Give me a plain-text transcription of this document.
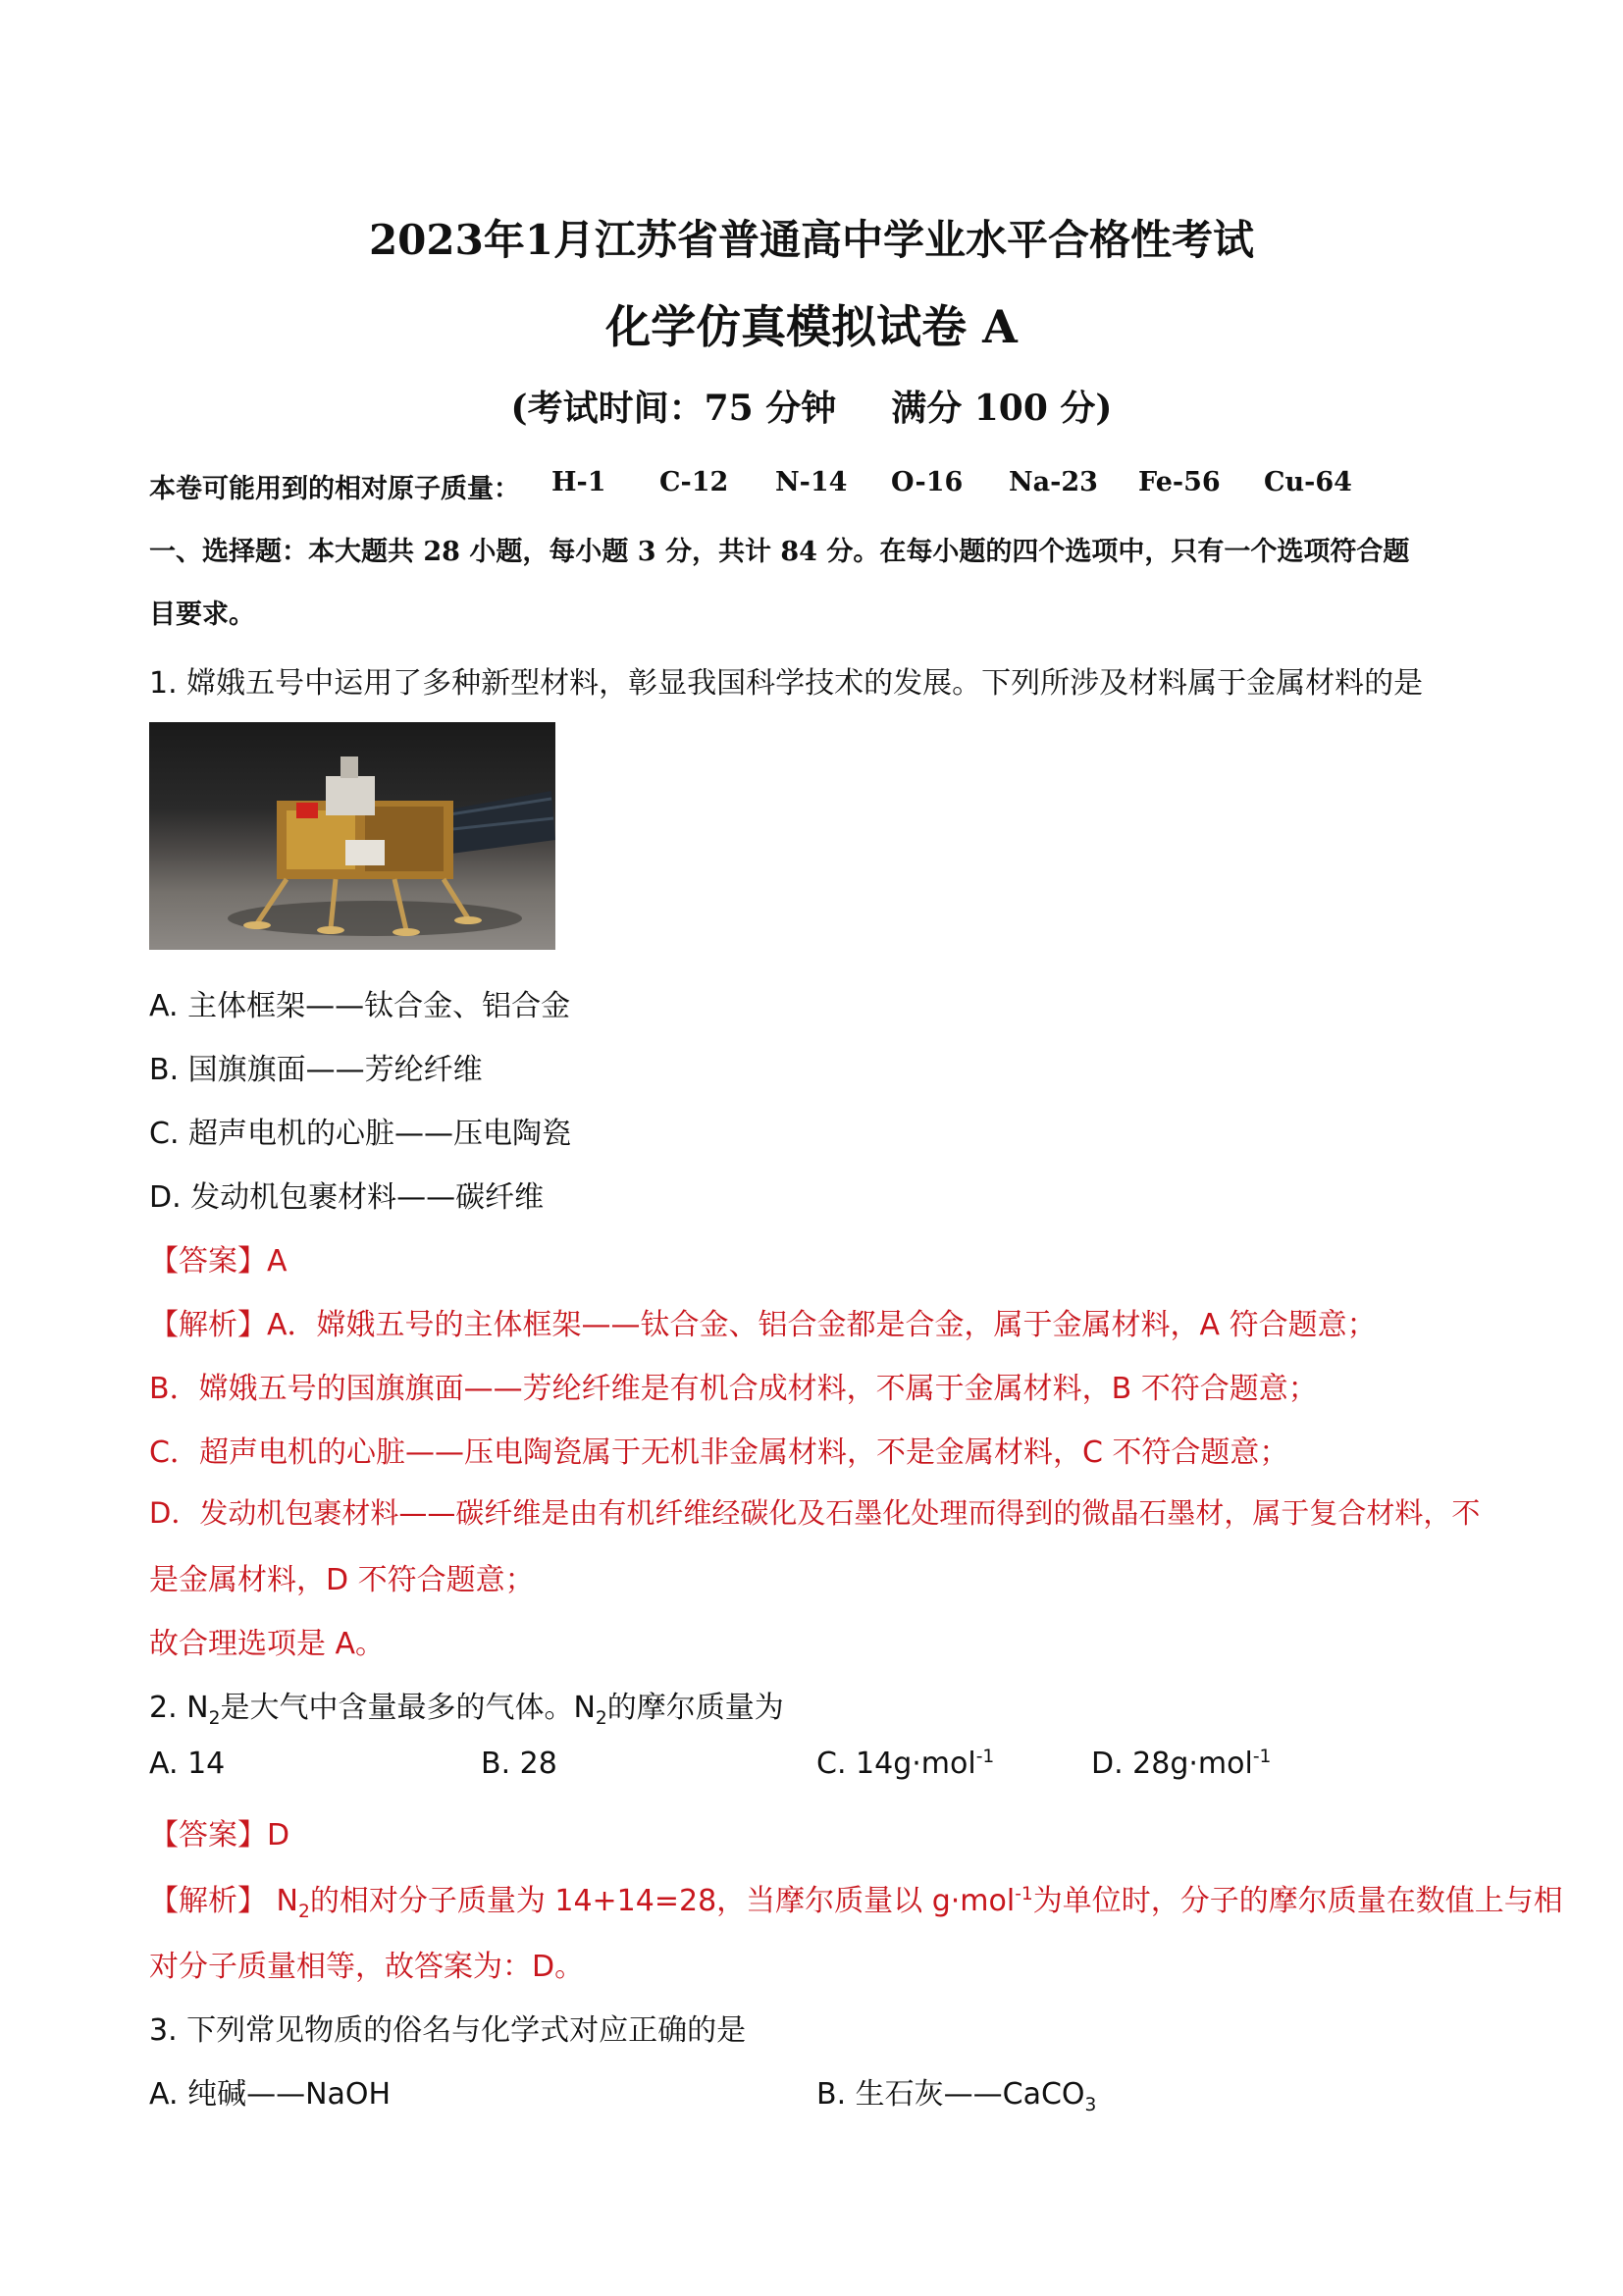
2023年1月江苏省普通高中学业水平合格性考试
化学仿真模拟试卷 A
(考试时间：75 分钟 满分 100 分)
本卷可能用到的相对原子质量： H-1 C-12 N-14 O-16 Na-23 Fe-56 Cu-64
一、选择题：本大题共 28 小题，每小题 3 分，共计 84 分。在每小题的四个选项中，只有一个选项符合题
目要求。
1. 嫦娥五号中运用了多种新型材料，彰显我国科学技术的发展。下列所涉及材料属于金属材料的是
A. 主体框架——钛合金、铝合金
B. 国旗旗面——芳纶纤维
C. 超声电机的心脏——压电陶瓷
D. 发动机包裹材料——碳纤维
【答案】A
【解析】A．嫦娥五号的主体框架——钛合金、铝合金都是合金，属于金属材料，A 符合题意；
B．嫦娥五号的国旗旗面——芳纶纤维是有机合成材料，不属于金属材料，B 不符合题意；
C．超声电机的心脏——压电陶瓷属于无机非金属材料，不是金属材料，C 不符合题意；
D．发动机包裹材料——碳纤维是由有机纤维经碳化及石墨化处理而得到的微晶石墨材，属于复合材料，不
是金属材料，D 不符合题意；
故合理选项是 A。
2. $N_2$是大气中含量最多的气体。$N_2$的摩尔质量为
A. 14	B. 28	C. 14g·mol$^{-1}$	D. 28g·mol$^{-1}$
【答案】D
【解析】 $N_2$的相对分子质量为 14+14=28，当摩尔质量以 g·mol$^{-1}$为单位时，分子的摩尔质量在数值上与相
对分子质量相等，故答案为：D。
3. 下列常见物质的俗名与化学式对应正确的是
A. 纯碱——NaOH	B. 生石灰——CaCO$_3$
